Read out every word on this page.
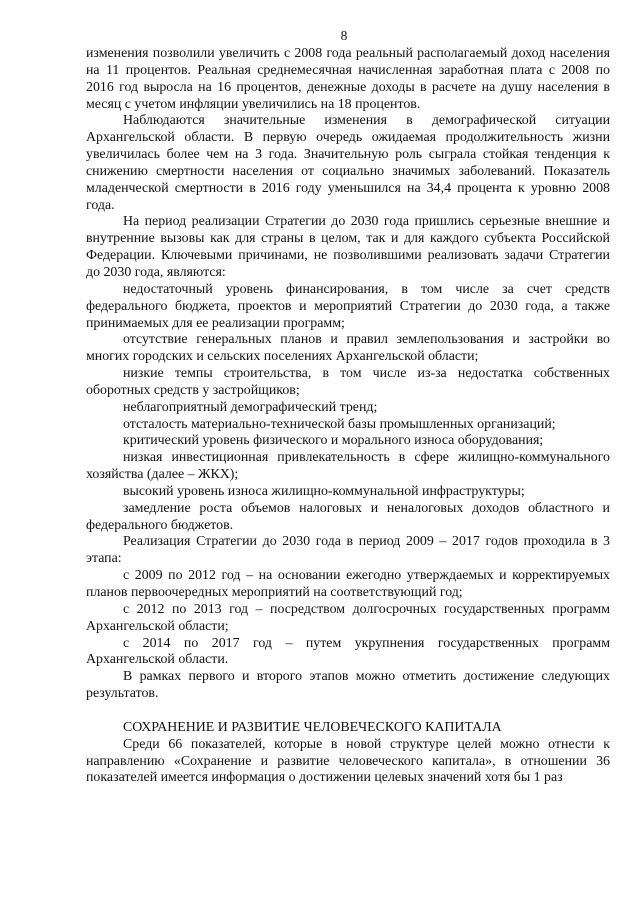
8

изменения позволили увеличить с 2008 года реальный располагаемый доход населения на 11 процентов. Реальная среднемесячная начисленная заработная плата с 2008 по 2016 год выросла на 16 процентов, денежные доходы в расчете на душу населения в месяц с учетом инфляции увеличились на 18 процентов.

Наблюдаются значительные изменения в демографической ситуации Архангельской области. В первую очередь ожидаемая продолжительность жизни увеличилась более чем на 3 года. Значительную роль сыграла стойкая тенденция к снижению смертности населения от социально значимых заболеваний. Показатель младенческой смертности в 2016 году уменьшился на 34,4 процента к уровню 2008 года.

На период реализации Стратегии до 2030 года пришлись серьезные внешние и внутренние вызовы как для страны в целом, так и для каждого субъекта Российской Федерации. Ключевыми причинами, не позволившими реализовать задачи Стратегии до 2030 года, являются:

недостаточный уровень финансирования, в том числе за счет средств федерального бюджета, проектов и мероприятий Стратегии до 2030 года, а также принимаемых для ее реализации программ;

отсутствие генеральных планов и правил землепользования и застройки во многих городских и сельских поселениях Архангельской области;

низкие темпы строительства, в том числе из-за недостатка собственных оборотных средств у застройщиков;

неблагоприятный демографический тренд;

отсталость материально-технической базы промышленных организаций;

критический уровень физического и морального износа оборудования;

низкая инвестиционная привлекательность в сфере жилищно-коммунального хозяйства (далее – ЖКХ);

высокий уровень износа жилищно-коммунальной инфраструктуры;

замедление роста объемов налоговых и неналоговых доходов областного и федерального бюджетов.

Реализация Стратегии до 2030 года в период 2009 – 2017 годов проходила в 3 этапа:

с 2009 по 2012 год – на основании ежегодно утверждаемых и корректируемых планов первоочередных мероприятий на соответствующий год;

с 2012 по 2013 год – посредством долгосрочных государственных программ Архангельской области;

с 2014 по 2017 год – путем укрупнения государственных программ Архангельской области.

В рамках первого и второго этапов можно отметить достижение следующих результатов.

СОХРАНЕНИЕ И РАЗВИТИЕ ЧЕЛОВЕЧЕСКОГО КАПИТАЛА

Среди 66 показателей, которые в новой структуре целей можно отнести к направлению «Сохранение и развитие человеческого капитала», в отношении 36 показателей имеется информация о достижении целевых значений хотя бы 1 раз
